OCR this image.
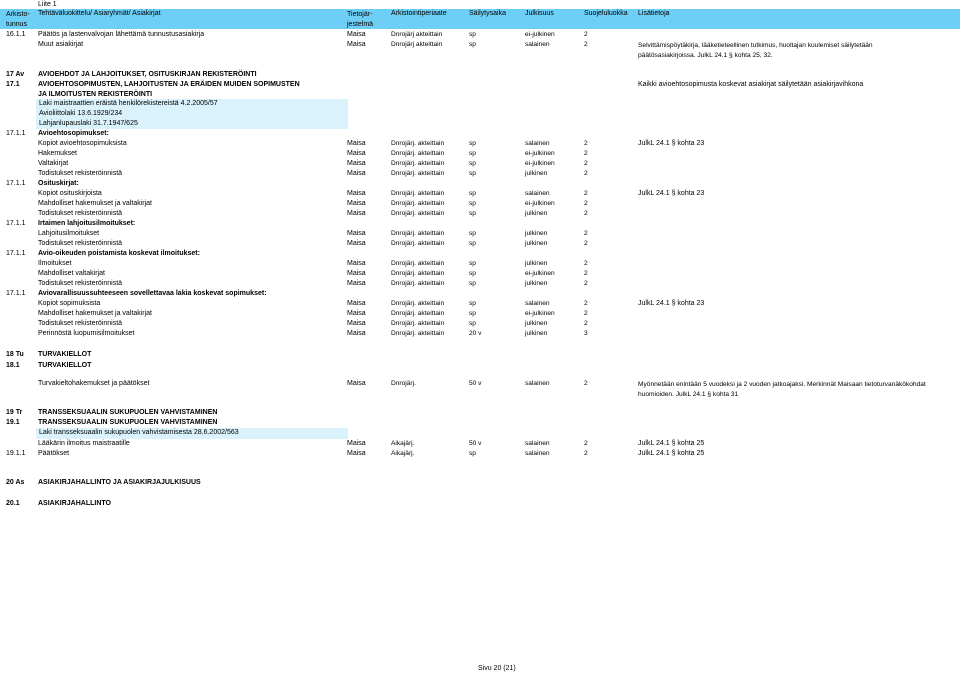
Liite 1
Arkisto-
tunnus
Tehtäväluokittelu/ Asiaryhmät/ Asiakirjat	Tietojär-
jestelmä
Arkistointiperiaate	Säilytysaika	Julkisuus	Suojeluluokka Lisätietoja
16.1.1 Päätös ja lastenvalvojan lähettämä tunnustusasiakirja	Maisa	Dnrojärj akteittain	sp	ei-julkinen	2
Muut asiakirjat	Maisa	Dnrojärj akteittain	sp	salainen	2	Selvittämispöytäkirja, lääketieteellinen tutkimus, huoltajan kuulemiset säilytetään
päätösasiakirjoissa. JulkL 24.1 § kohta 25, 32.
17 Av AVIOEHDOT JA LAHJOITUKSET, OSITUSKIRJAN REKISTERÖINTI
17.1	AVIOEHTOSOPIMUSTEN, LAHJOITUSTEN JA ERÄIDEN MUIDEN SOPIMUSTEN
JA ILMOITUSTEN REKISTERÖINTI
Kaikki avioehtosopimusta koskevat asiakirjat säilytetään asiakirjavihkona
Laki maistraattien eräistä henkilörekistereistä 4.2.2005/57
Avioliittolaki 13.6.1929/234
Lahjanlupauslaki 31.7.1947/625
17.1.1 Avioehtosopimukset:
Kopiot avioehtosopimuksista	Maisa	Dnrojärj. akteittain	sp	salainen	2	JulkL 24.1 § kohta 23
Hakemukset	Maisa	Dnrojärj. akteittain	sp	ei-julkinen	2
Valtakirjat	Maisa	Dnrojärj. akteittain	sp	ei-julkinen	2
Todistukset rekisteröinnistä	Maisa	Dnrojärj. akteittain	sp	julkinen	2
17.1.1 Osituskirjat:
Kopiot osituskirjoista	Maisa	Dnrojärj. akteittain	sp	salainen	2	JulkL 24.1 § kohta 23
Mahdolliset hakemukset ja valtakirjat	Maisa	Dnrojärj. akteittain	sp	ei-julkinen	2
Todistukset rekisteröinnistä	Maisa	Dnrojärj. akteittain	sp	julkinen	2
17.1.1 Irtaimen lahjoitusilmoitukset:
Lahjoitusilmoitukset	Maisa	Dnrojärj. akteittain	sp	julkinen	2
Todistukset rekisteröinnistä	Maisa	Dnrojärj. akteittain	sp	julkinen	2
17.1.1 Avio-oikeuden poistamista koskevat ilmoitukset:
Ilmoitukset	Maisa	Dnrojärj. akteittain	sp	julkinen	2
Mahdolliset valtakirjat	Maisa	Dnrojärj. akteittain	sp	ei-julkinen	2
Todistukset rekisteröinnistä	Maisa	Dnrojärj. akteittain	sp	julkinen	2
17.1.1 Aviovarallisuussuhteeseen sovellettavaa lakia koskevat sopimukset:
Kopiot sopimuksista	Maisa	Dnrojärj. akteittain	sp	salainen	2	JulkL 24.1 § kohta 23
Mahdolliset hakemukset ja valtakirjat	Maisa	Dnrojärj. akteittain	sp	ei-julkinen	2
Todistukset rekisteröinnistä	Maisa	Dnrojärj. akteittain	sp	julkinen	2
Perinnöstä luopumisilmoitukset	Maisa	Dnrojärj. akteittain	20 v	julkinen	3
18 Tu TURVAKIELLOT
18.1	TURVAKIELLOT
Turvakieltohakemukset ja päätökset	Maisa	Dnrojärj.	50 v	salainen	2	Myönnetään enintään 5 vuodeksi ja 2 vuoden jatkoajaksi. Merkinnät Maisaan tietoturvanäkökohdat
huomioiden. JulkL 24.1 § kohta 31
19 Tr TRANSSEKSUAALIN SUKUPUOLEN VAHVISTAMINEN
19.1	TRANSSEKSUAALIN SUKUPUOLEN VAHVISTAMINEN
Laki transseksuaalin sukupuolen vahvistamisesta 28.6.2002/563
Lääkärin ilmoitus maistraatille	Maisa	Aikajärj.	50 v	salainen	2	JulkL 24.1 § kohta 25
19.1.1 Päätökset	Maisa	Aikajärj.	sp	salainen	2	JulkL 24.1 § kohta 25
20 As ASIAKIRJAHALLINTO JA ASIAKIRJAJULKISUUS
20.1	ASIAKIRJAHALLINTO
Sivu 20 (21)
